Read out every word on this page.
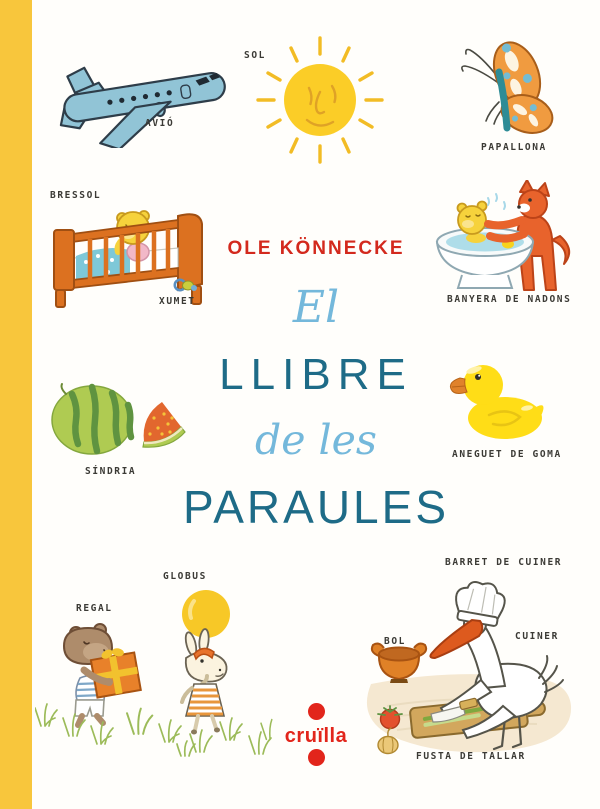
AVIÓ
SOL
PAPALLONA
BRESSOL
XUMET	BANYERA DE NADONS
OLE KÖNNECKE
El
LLIBRE
de les
PARAULES
SÍNDRIA
ANEGUET DE GOMA
REGAL
GLOBUS
BARRET DE CUINER
BOL	CUINER
FUSTA DE TALLAR
cruïlla
